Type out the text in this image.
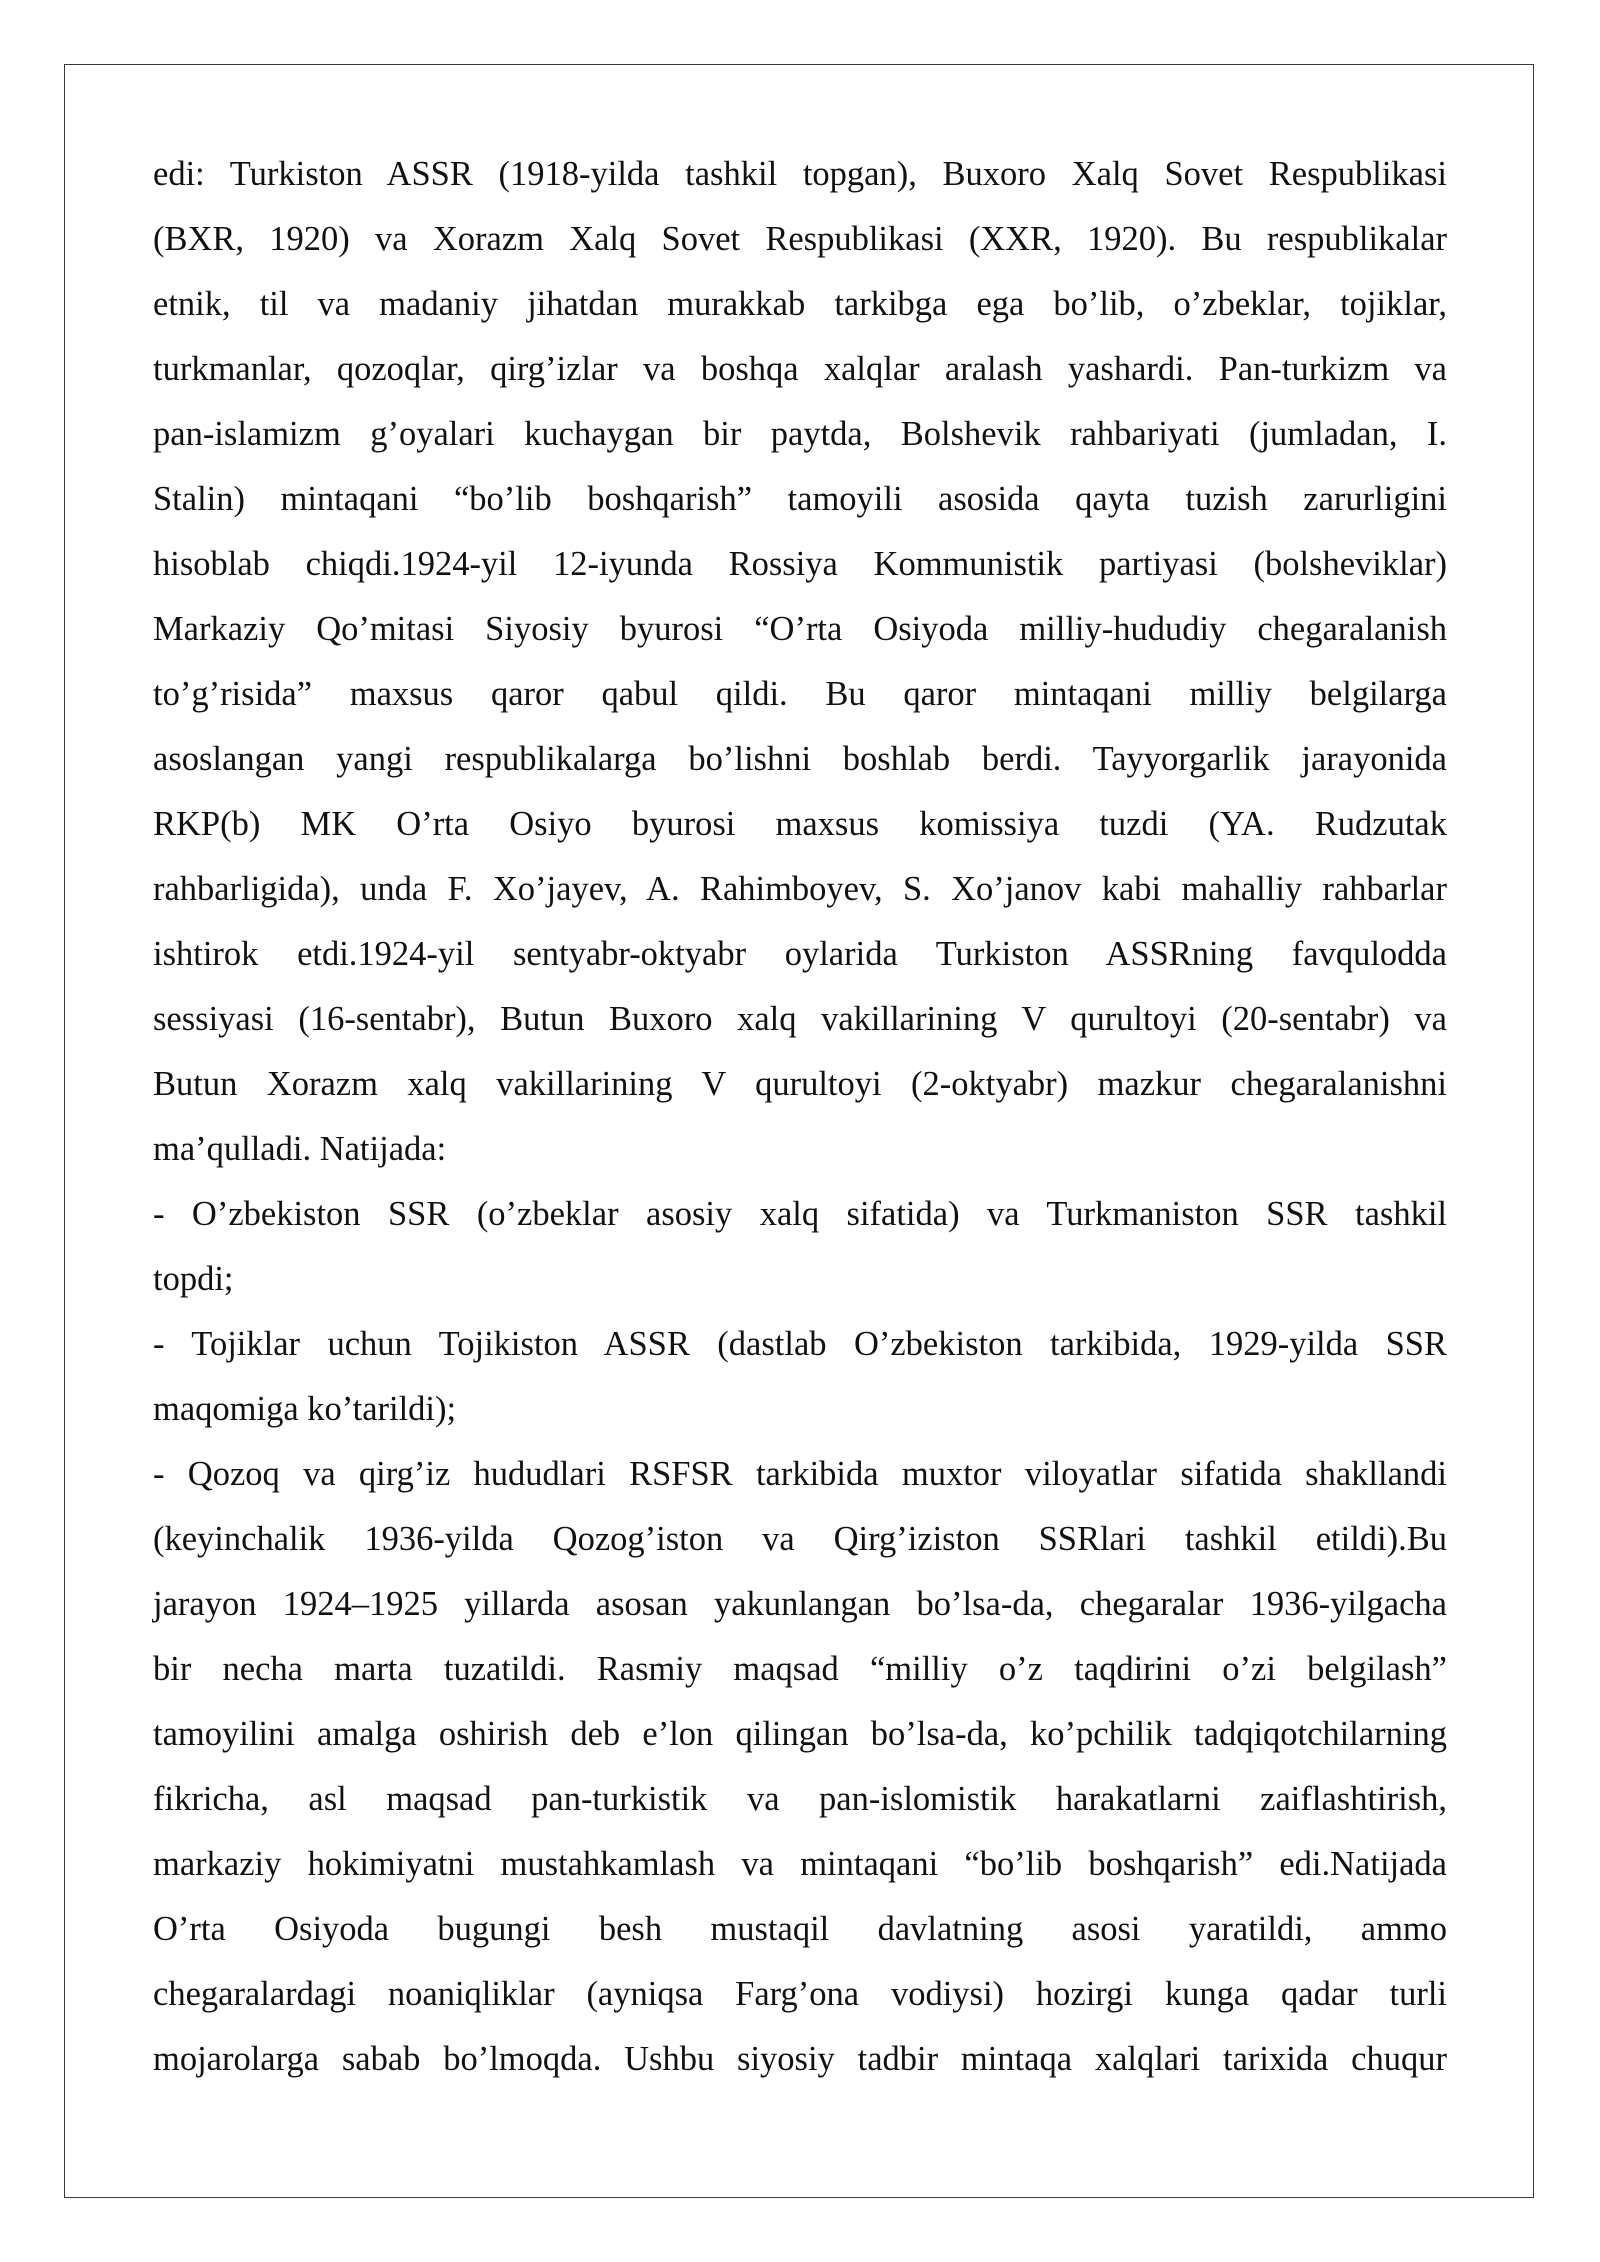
edi: Turkiston ASSR (1918-yilda tashkil topgan), Buxoro Xalq Sovet Respublikasi
(BXR, 1920) va Xorazm Xalq Sovet Respublikasi (XXR, 1920). Bu respublikalar
etnik, til va madaniy jihatdan murakkab tarkibga ega bo’lib, o’zbeklar, tojiklar,
turkmanlar, qozoqlar, qirg’izlar va boshqa xalqlar aralash yashardi. Pan-turkizm va
pan-islamizm g’oyalari kuchaygan bir paytda, Bolshevik rahbariyati (jumladan, I.
Stalin) mintaqani “bo’lib boshqarish” tamoyili asosida qayta tuzish zarurligini
hisoblab chiqdi.1924-yil 12-iyunda Rossiya Kommunistik partiyasi (bolsheviklar)
Markaziy Qo’mitasi Siyosiy byurosi “O’rta Osiyoda milliy-hududiy chegaralanish
to’g’risida” maxsus qaror qabul qildi. Bu qaror mintaqani milliy belgilarga
asoslangan yangi respublikalarga bo’lishni boshlab berdi. Tayyorgarlik jarayonida
RKP(b) MK O’rta Osiyo byurosi maxsus komissiya tuzdi (YA. Rudzutak
rahbarligida), unda F. Xo’jayev, A. Rahimboyev, S. Xo’janov kabi mahalliy rahbarlar
ishtirok etdi.1924-yil sentyabr-oktyabr oylarida Turkiston ASSRning favqulodda
sessiyasi (16-sentabr), Butun Buxoro xalq vakillarining V qurultoyi (20-sentabr) va
Butun Xorazm xalq vakillarining V qurultoyi (2-oktyabr) mazkur chegaralanishni
ma’qulladi. Natijada:
- O’zbekiston SSR (o’zbeklar asosiy xalq sifatida) va Turkmaniston SSR tashkil
topdi;
- Tojiklar uchun Tojikiston ASSR (dastlab O’zbekiston tarkibida, 1929-yilda SSR
maqomiga ko’tarildi);
- Qozoq va qirg’iz hududlari RSFSR tarkibida muxtor viloyatlar sifatida shakllandi
(keyinchalik 1936-yilda Qozog’iston va Qirg’iziston SSRlari tashkil etildi).Bu
jarayon 1924–1925 yillarda asosan yakunlangan bo’lsa-da, chegaralar 1936-yilgacha
bir necha marta tuzatildi. Rasmiy maqsad “milliy o’z taqdirini o’zi belgilash”
tamoyilini amalga oshirish deb e’lon qilingan bo’lsa-da, ko’pchilik tadqiqotchilarning
fikricha, asl maqsad pan-turkistik va pan-islomistik harakatlarni zaiflashtirish,
markaziy hokimiyatni mustahkamlash va mintaqani “bo’lib boshqarish” edi.Natijada
O’rta Osiyoda bugungi besh mustaqil davlatning asosi yaratildi, ammo
chegaralardagi noaniqliklar (ayniqsa Farg’ona vodiysi) hozirgi kunga qadar turli
mojarolarga sabab bo’lmoqda. Ushbu siyosiy tadbir mintaqa xalqlari tarixida chuqur
